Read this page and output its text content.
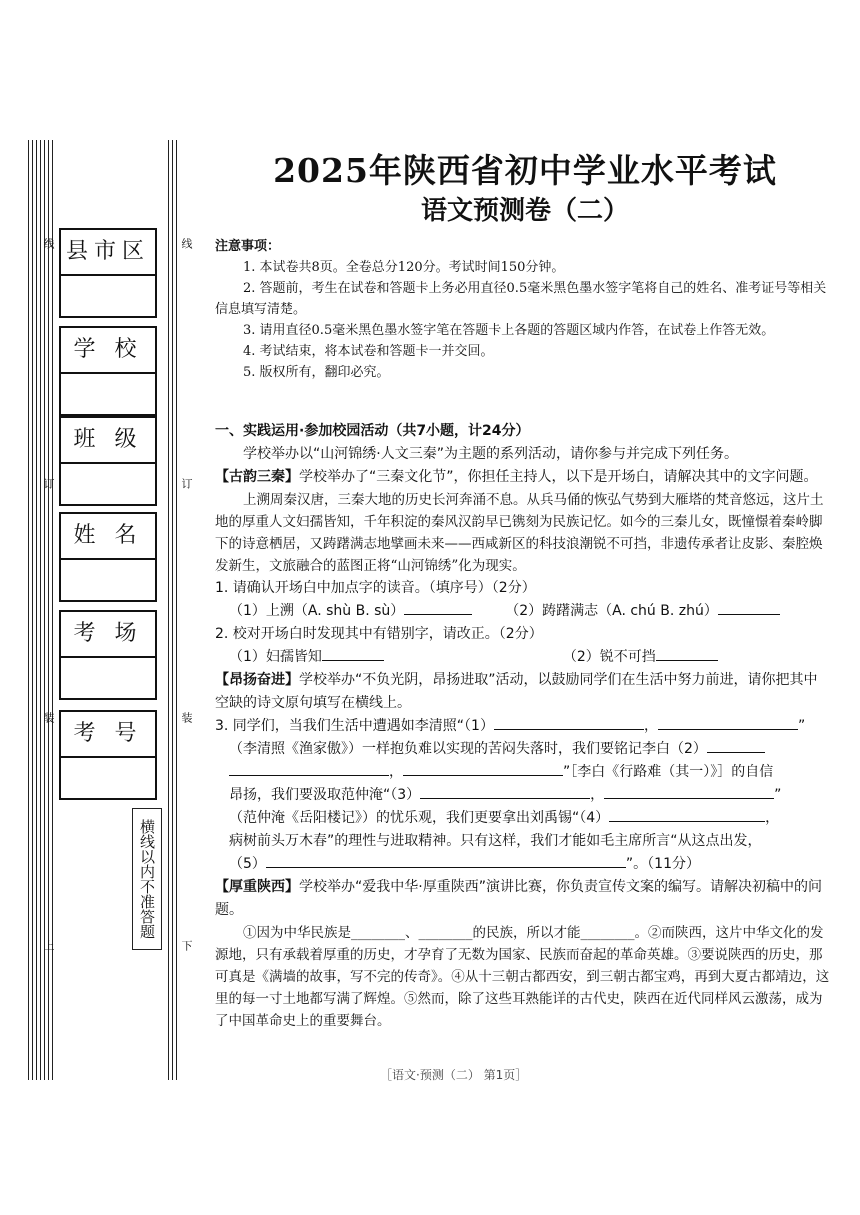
县市区
学 校
班 级
姓 名
考 场
考 号
线	线
订	订
装	装
上	下
横线以内不准答题
2025年陕西省初中学业水平考试
语文预测卷（二）

注意事项：

1. 本试卷共8页。全卷总分120分。考试时间150分钟。

2. 答题前，考生在试卷和答题卡上务必用直径0.5毫米黑色墨水签字笔将自己的姓名、准考证号等相关信息填写清楚。

3. 请用直径0.5毫米黑色墨水签字笔在答题卡上各题的答题区域内作答，在试卷上作答无效。

4. 考试结束，将本试卷和答题卡一并交回。

5. 版权所有，翻印必究。

一、实践运用·参加校园活动（共7小题，计24分）

学校举办以“山河锦绣·人文三秦”为主题的系列活动，请你参与并完成下列任务。

【古韵三秦】学校举办了“三秦文化节”，你担任主持人，以下是开场白，请解决其中的文字问题。

上溯周秦汉唐，三秦大地的历史长河奔涌不息。从兵马俑的恢弘气势到大雁塔的梵音悠远，这片土地的厚重人文妇孺皆知，千年积淀的秦风汉韵早已镌刻为民族记忆。如今的三秦儿女，既憧憬着秦岭脚下的诗意栖居，又踌躇满志地擘画未来——西咸新区的科技浪潮锐不可挡，非遗传承者让皮影、秦腔焕发新生，文旅融合的蓝图正将“山河锦绣”化为现实。

1. 请确认开场白中加点字的读音。（填序号）（2分）

（1）上溯（A. shù B. sù）	（2）踌躇满志（A. chú B. zhú）

2. 校对开场白时发现其中有错别字，请改正。（2分）

（1）妇孺皆知	（2）锐不可挡

【昂扬奋进】学校举办“不负光阴，昂扬进取”活动，以鼓励同学们在生活中努力前进，请你把其中空缺的诗文原句填写在横线上。

3. 同学们，当我们生活中遭遇如李清照“（1）	，	”

（李清照《渔家傲》）一样抱负难以实现的苦闷失落时，我们要铭记李白（2）

，	”［李白《行路难（其一）》］的自信

昂扬，我们要汲取范仲淹“（3）	，	”

（范仲淹《岳阳楼记》）的忧乐观，我们更要拿出刘禹锡“（4）	，

病树前头万木春”的理性与进取精神。只有这样，我们才能如毛主席所言“从这点出发，

（5）	”。（11分）

【厚重陕西】学校举办“爱我中华·厚重陕西”演讲比赛，你负责宣传文案的编写。请解决初稿中的问题。

①因为中华民族是________、________的民族，所以才能________。②而陕西，这片中华文化的发源地，只有承载着厚重的历史，才孕育了无数为国家、民族而奋起的革命英雄。③要说陕西的历史，那可真是《满墙的故事，写不完的传奇》。④从十三朝古都西安，到三朝古都宝鸡，再到大夏古都靖边，这里的每一寸土地都写满了辉煌。⑤然而，除了这些耳熟能详的古代史，陕西在近代同样风云激荡，成为了中国革命史上的重要舞台。

［语文·预测（二） 第1页］
